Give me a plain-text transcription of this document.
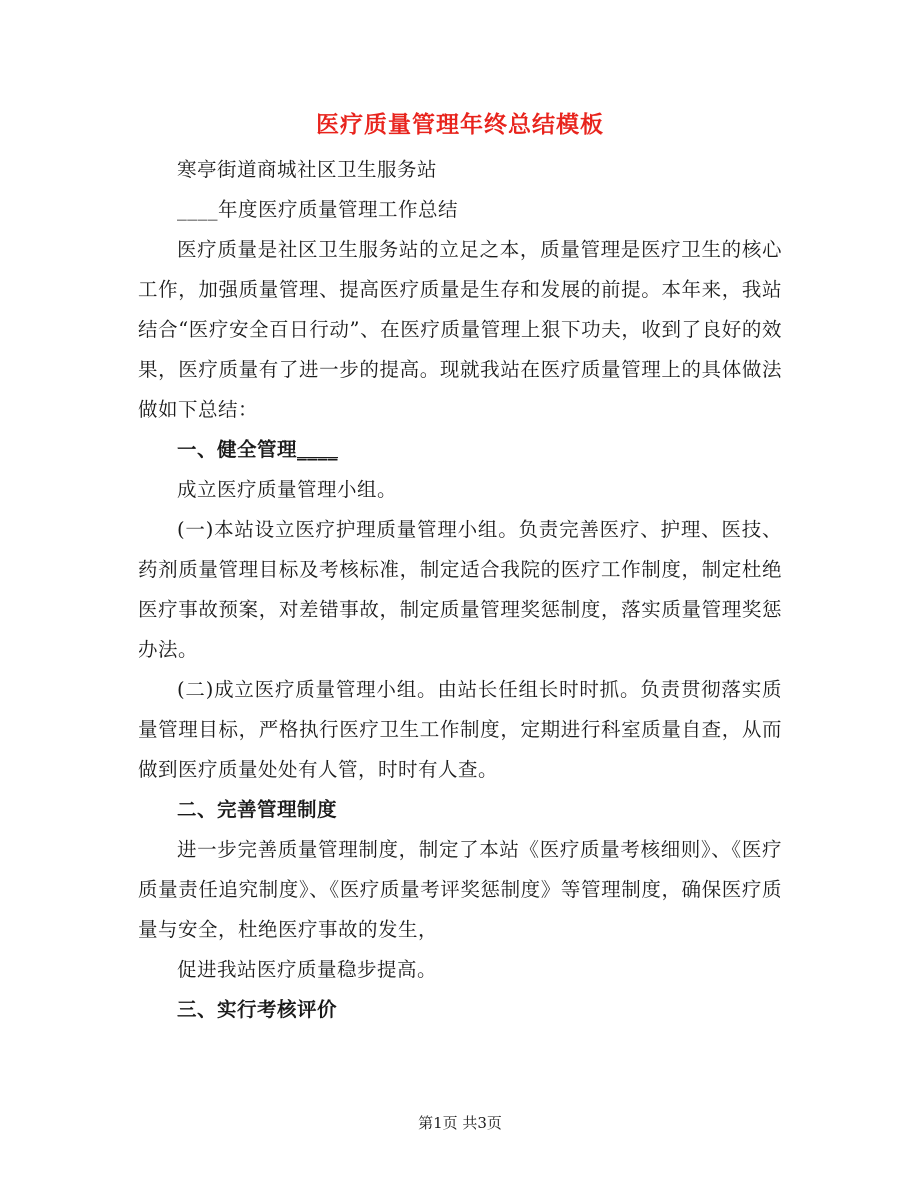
医疗质量管理年终总结模板

寒亭街道商城社区卫生服务站

____年度医疗质量管理工作总结

医疗质量是社区卫生服务站的立足之本，质量管理是医疗卫生的核心工作，加强质量管理、提高医疗质量是生存和发展的前提。本年来，我站结合“医疗安全百日行动”、在医疗质量管理上狠下功夫，收到了良好的效果，医疗质量有了进一步的提高。现就我站在医疗质量管理上的具体做法做如下总结：

一、健全管理____

成立医疗质量管理小组。

(一)本站设立医疗护理质量管理小组。负责完善医疗、护理、医技、药剂质量管理目标及考核标准，制定适合我院的医疗工作制度，制定杜绝医疗事故预案，对差错事故，制定质量管理奖惩制度，落实质量管理奖惩办法。

(二)成立医疗质量管理小组。由站长任组长时时抓。负责贯彻落实质量管理目标，严格执行医疗卫生工作制度，定期进行科室质量自查，从而做到医疗质量处处有人管，时时有人查。

二、完善管理制度

进一步完善质量管理制度，制定了本站《医疗质量考核细则》、《医疗质量责任追究制度》、《医疗质量考评奖惩制度》等管理制度，确保医疗质量与安全，杜绝医疗事故的发生，

促进我站医疗质量稳步提高。

三、实行考核评价

第1页 共3页
